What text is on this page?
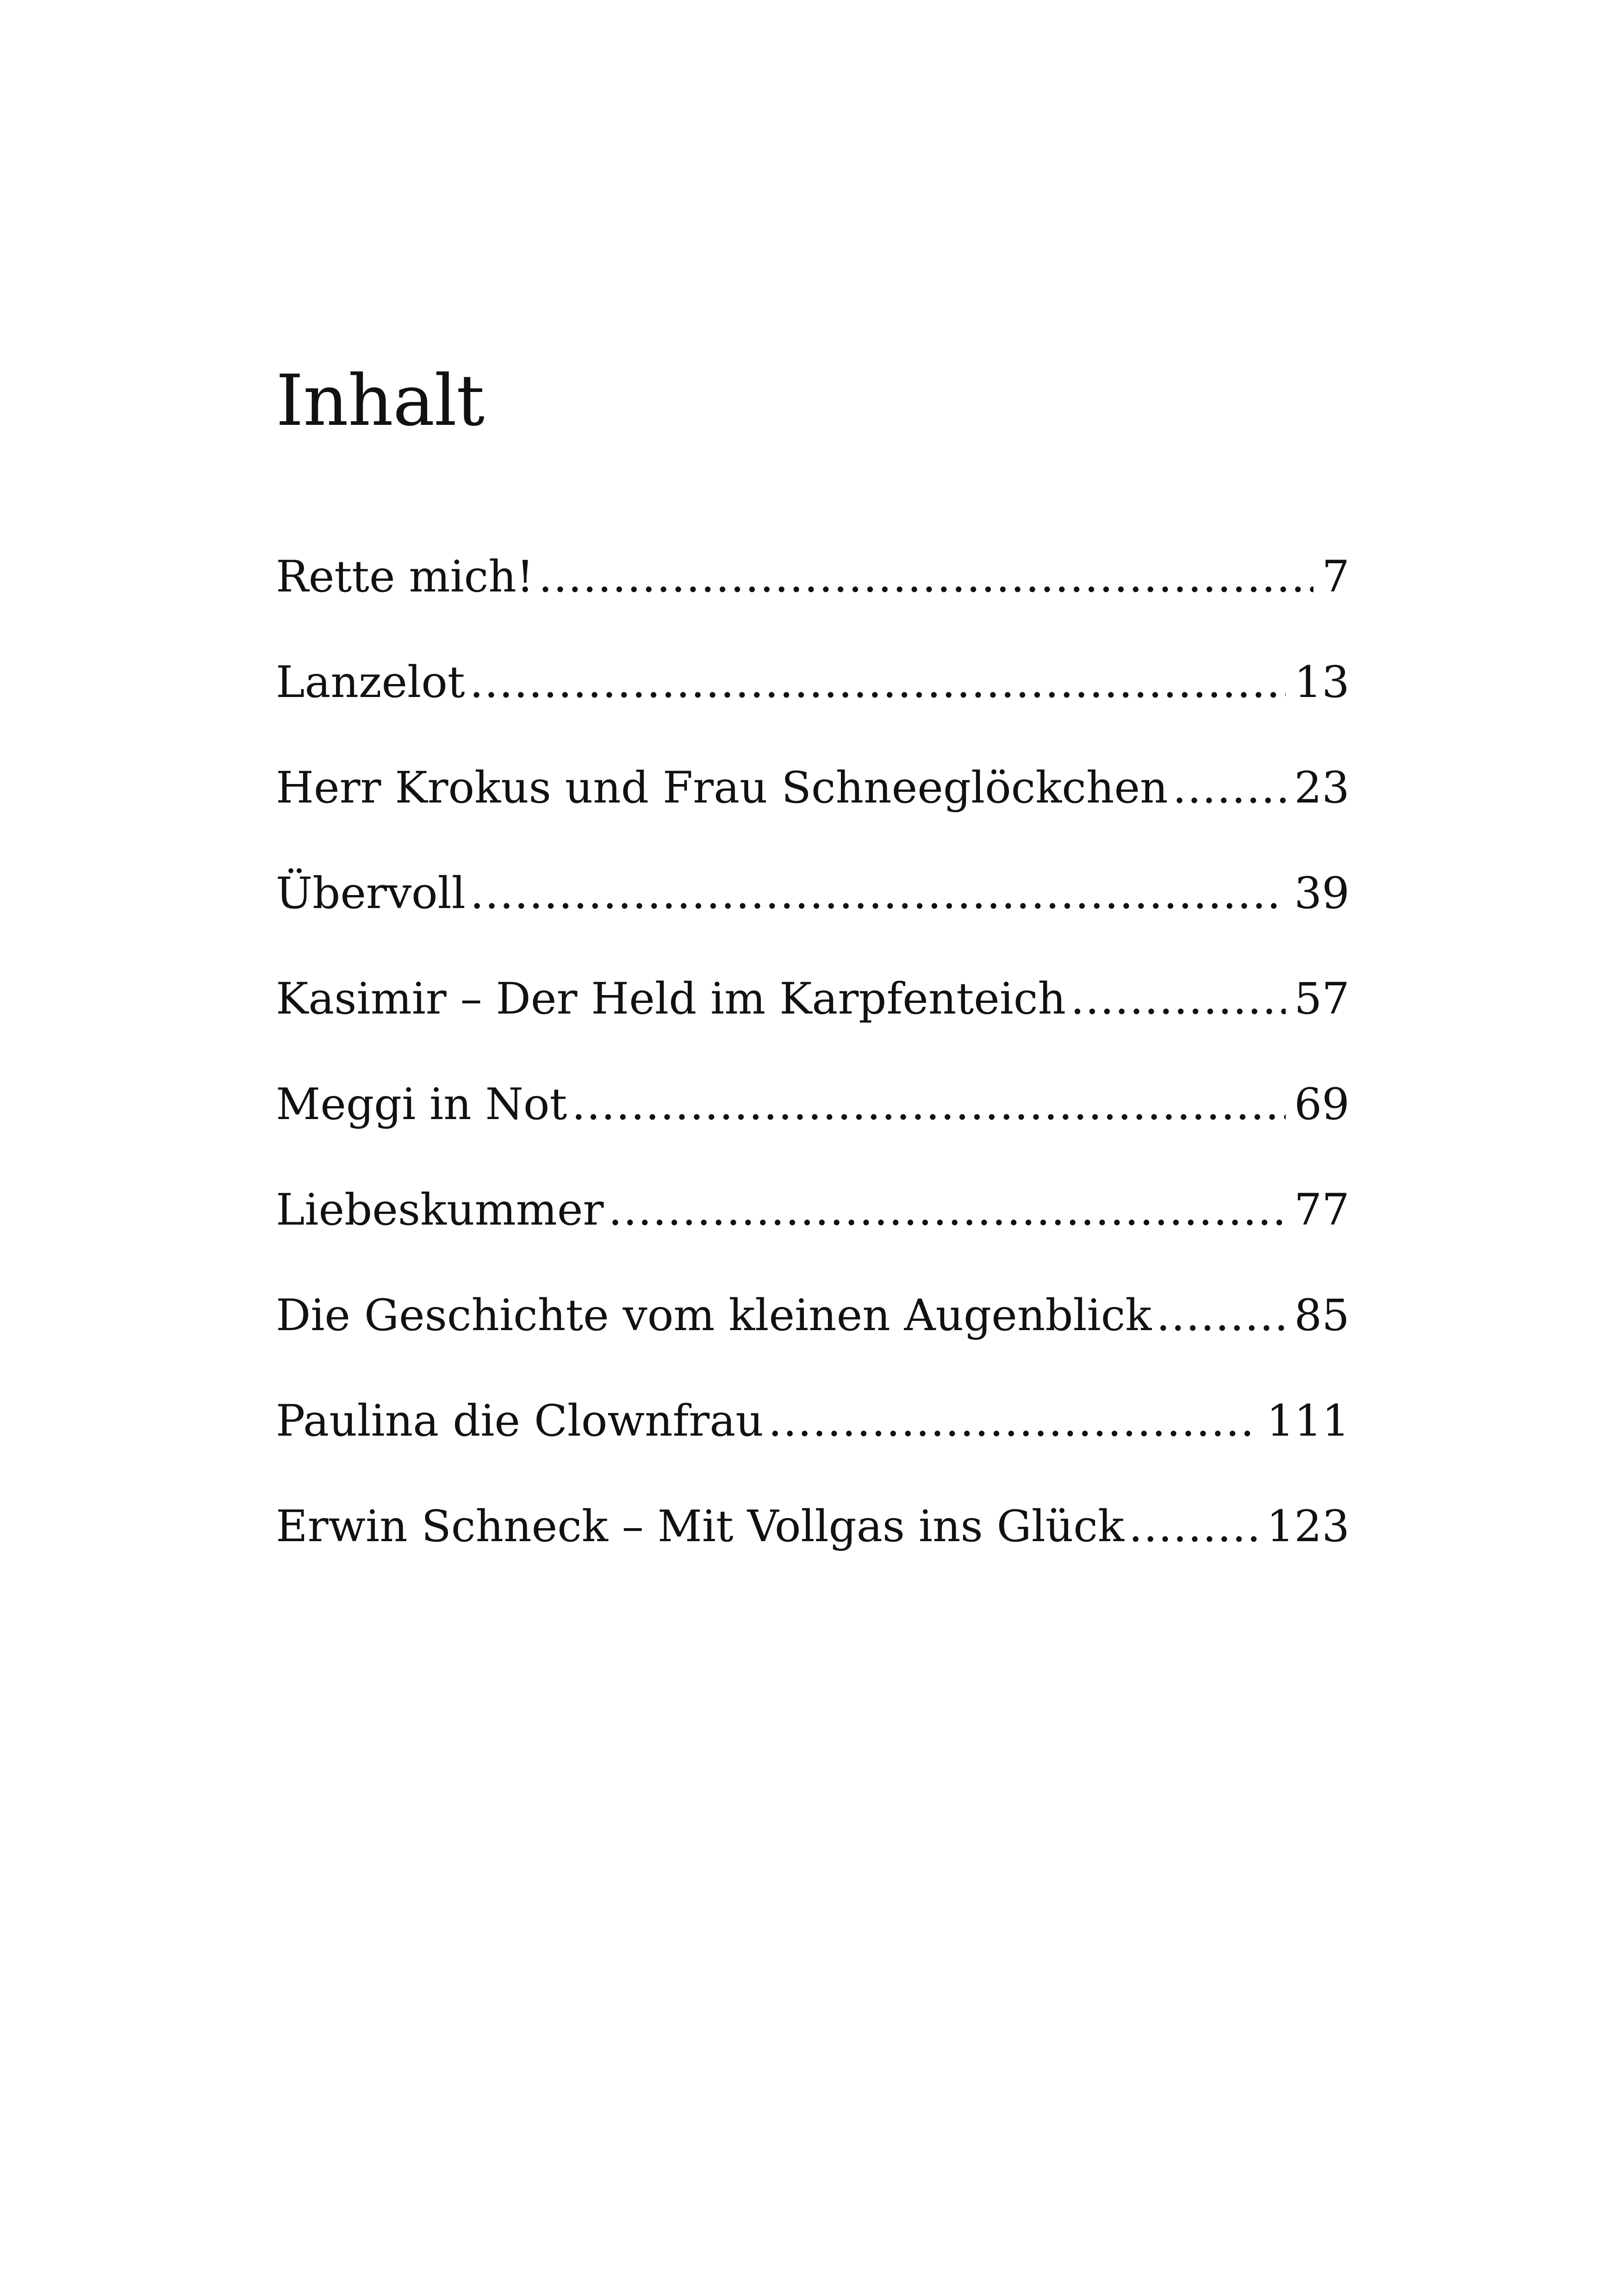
Inhalt
Rette mich! .....	7
Lanzelot .....	13
Herr Krokus und Frau Schneeglöckchen .....	23
Übervoll .....	39
Kasimir – Der Held im Karpfenteich .....	57
Meggi in Not .....	69
Liebeskummer .....	77
Die Geschichte vom kleinen Augenblick .....	85
Paulina die Clownfrau .....	111
Erwin Schneck – Mit Vollgas ins Glück .....	123
